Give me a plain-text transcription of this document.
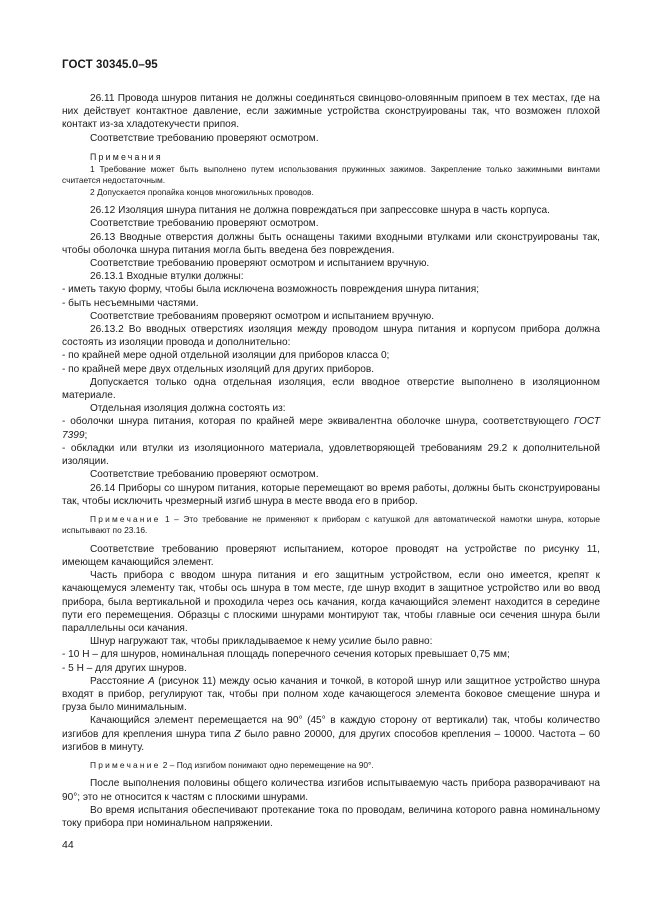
ГОСТ 30345.0–95

26.11 Провода шнуров питания не должны соединяться свинцово-оловянным припоем в тех местах, где на них действует контактное давление, если зажимные устройства сконструированы так, что возможен плохой контакт из-за хладотекучести припоя.

Соответствие требованию проверяют осмотром.

Примечания

1 Требование может быть выполнено путем использования пружинных зажимов. Закрепление только зажимными винтами считается недостаточным.

2 Допускается пропайка концов многожильных проводов.

26.12 Изоляция шнура питания не должна повреждаться при запрессовке шнура в часть корпуса.

Соответствие требованию проверяют осмотром.

26.13 Вводные отверстия должны быть оснащены такими входными втулками или сконструированы так, чтобы оболочка шнура питания могла быть введена без повреждения.

Соответствие требованию проверяют осмотром и испытанием вручную.

26.13.1 Входные втулки должны:

- иметь такую форму, чтобы была исключена возможность повреждения шнура питания;

- быть несъемными частями.

Соответствие требованиям проверяют осмотром и испытанием вручную.

26.13.2 Во вводных отверстиях изоляция между проводом шнура питания и корпусом прибора должна состоять из изоляции провода и дополнительно:

- по крайней мере одной отдельной изоляции для приборов класса 0;

- по крайней мере двух отдельных изоляций для других приборов.

Допускается только одна отдельная изоляция, если вводное отверстие выполнено в изоляционном материале.

Отдельная изоляция должна состоять из:

- оболочки шнура питания, которая по крайней мере эквивалентна оболочке шнура, соответствующего ГОСТ 7399;

- обкладки или втулки из изоляционного материала, удовлетворяющей требованиям 29.2 к дополнительной изоляции.

Соответствие требованию проверяют осмотром.

26.14 Приборы со шнуром питания, которые перемещают во время работы, должны быть сконструированы так, чтобы исключить чрезмерный изгиб шнура в месте ввода его в прибор.

Примечание 1 – Это требование не применяют к приборам с катушкой для автоматической намотки шнура, которые испытывают по 23.16.

Соответствие требованию проверяют испытанием, которое проводят на устройстве по рисунку 11, имеющем качающийся элемент.

Часть прибора с вводом шнура питания и его защитным устройством, если оно имеется, крепят к качающемуся элементу так, чтобы ось шнура в том месте, где шнур входит в защитное устройство или во ввод прибора, была вертикальной и проходила через ось качания, когда качающийся элемент находится в середине пути его перемещения. Образцы с плоскими шнурами монтируют так, чтобы главные оси сечения шнура были параллельны оси качания.

Шнур нагружают так, чтобы прикладываемое к нему усилие было равно:

- 10 Н – для шнуров, номинальная площадь поперечного сечения которых превышает 0,75 мм;

- 5 Н – для других шнуров.

Расстояние А (рисунок 11) между осью качания и точкой, в которой шнур или защитное устройство шнура входят в прибор, регулируют так, чтобы при полном ходе качающегося элемента боковое смещение шнура и груза было минимальным.

Качающийся элемент перемещается на 90° (45° в каждую сторону от вертикали) так, чтобы количество изгибов для крепления шнура типа Z было равно 20000, для других способов крепления – 10000. Частота – 60 изгибов в минуту.

Примечание 2 – Под изгибом понимают одно перемещение на 90°.

После выполнения половины общего количества изгибов испытываемую часть прибора разворачивают на 90°; это не относится к частям с плоскими шнурами.

Во время испытания обеспечивают протекание тока по проводам, величина которого равна номинальному току прибора при номинальном напряжении.

44
